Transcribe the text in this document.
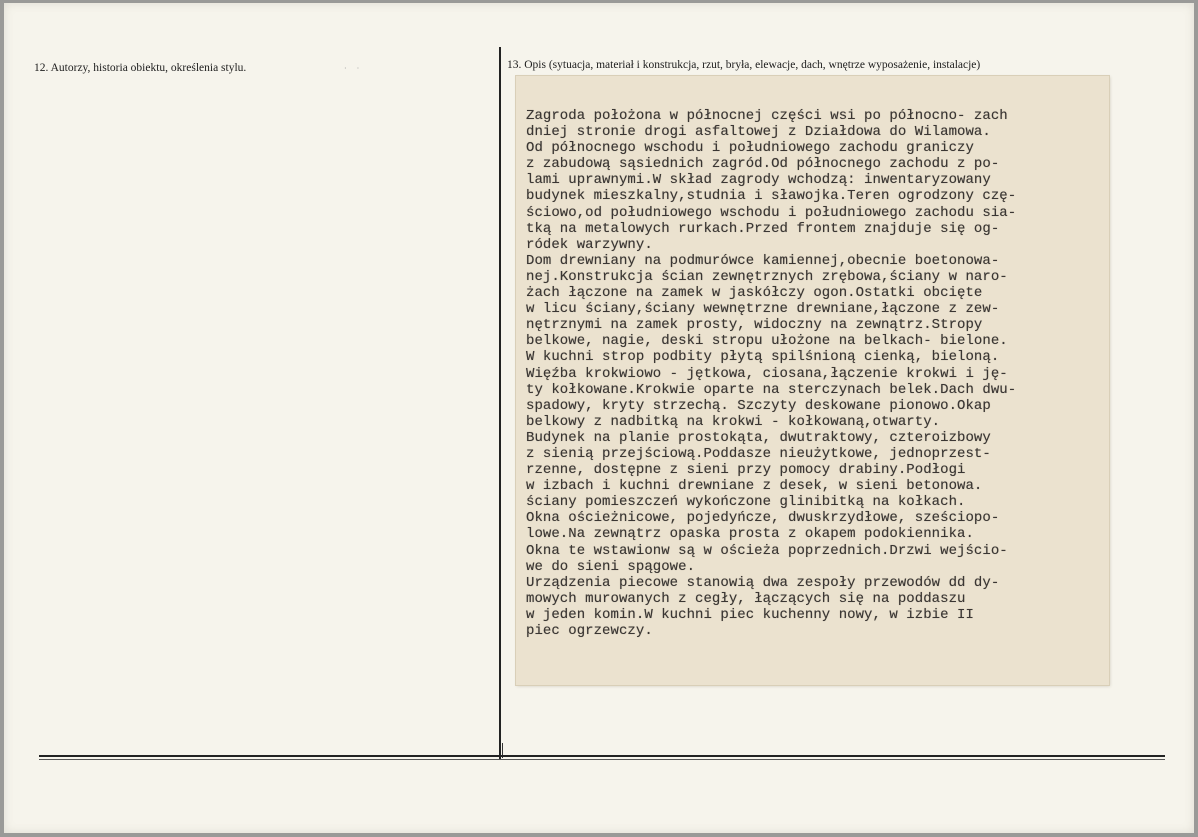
12. Autorzy, historia obiektu, określenia stylu.	· ·	13. Opis (sytuacja, materiał i konstrukcja, rzut, bryła, elewacje, dach, wnętrze wyposażenie, instalacje)
Zagroda położona w północnej części wsi po północno- zach
dniej stronie drogi asfaltowej z Działdowa do Wilamowa.
Od północnego wschodu i południowego zachodu graniczy
z zabudową sąsiednich zagród.Od północnego zachodu z po-
lami uprawnymi.W skład zagrody wchodzą: inwentaryzowany
budynek mieszkalny,studnia i sławojka.Teren ogrodzony czę-
ściowo,od południowego wschodu i południowego zachodu sia-
tką na metalowych rurkach.Przed frontem znajduje się og-
ródek warzywny.
Dom drewniany na podmurówce kamiennej,obecnie boetonowa-
nej.Konstrukcja ścian zewnętrznych zrębowa,ściany w naro-
żach łączone na zamek w jaskółczy ogon.Ostatki obcięte
w licu ściany,ściany wewnętrzne drewniane,łączone z zew-
nętrznymi na zamek prosty, widoczny na zewnątrz.Stropy
belkowe, nagie, deski stropu ułożone na belkach- bielone.
W kuchni strop podbity płytą spilśnioną cienką, bieloną.
Więźba krokwiowo - jętkowa, ciosana,łączenie krokwi i ję-
ty kołkowane.Krokwie oparte na sterczynach belek.Dach dwu-
spadowy, kryty strzechą. Szczyty deskowane pionowo.Okap
belkowy z nadbitką na krokwi - kołkowaną,otwarty.
Budynek na planie prostokąta, dwutraktowy, czteroizbowy
z sienią przejściową.Poddasze nieużytkowe, jednoprzest-
rzenne, dostępne z sieni przy pomocy drabiny.Podłogi
w izbach i kuchni drewniane z desek, w sieni betonowa.
ściany pomieszczeń wykończone glinibitką na kołkach.
Okna ościeżnicowe, pojedyńcze, dwuskrzydłowe, sześciopo-
lowe.Na zewnątrz opaska prosta z okapem podokiennika.
Okna te wstawionw są w ościeża poprzednich.Drzwi wejścio-
we do sieni spągowe.
Urządzenia piecowe stanowią dwa zespoły przewodów dd dy-
mowych murowanych z cegły, łączących się na poddaszu
w jeden komin.W kuchni piec kuchenny nowy, w izbie II
piec ogrzewczy.
